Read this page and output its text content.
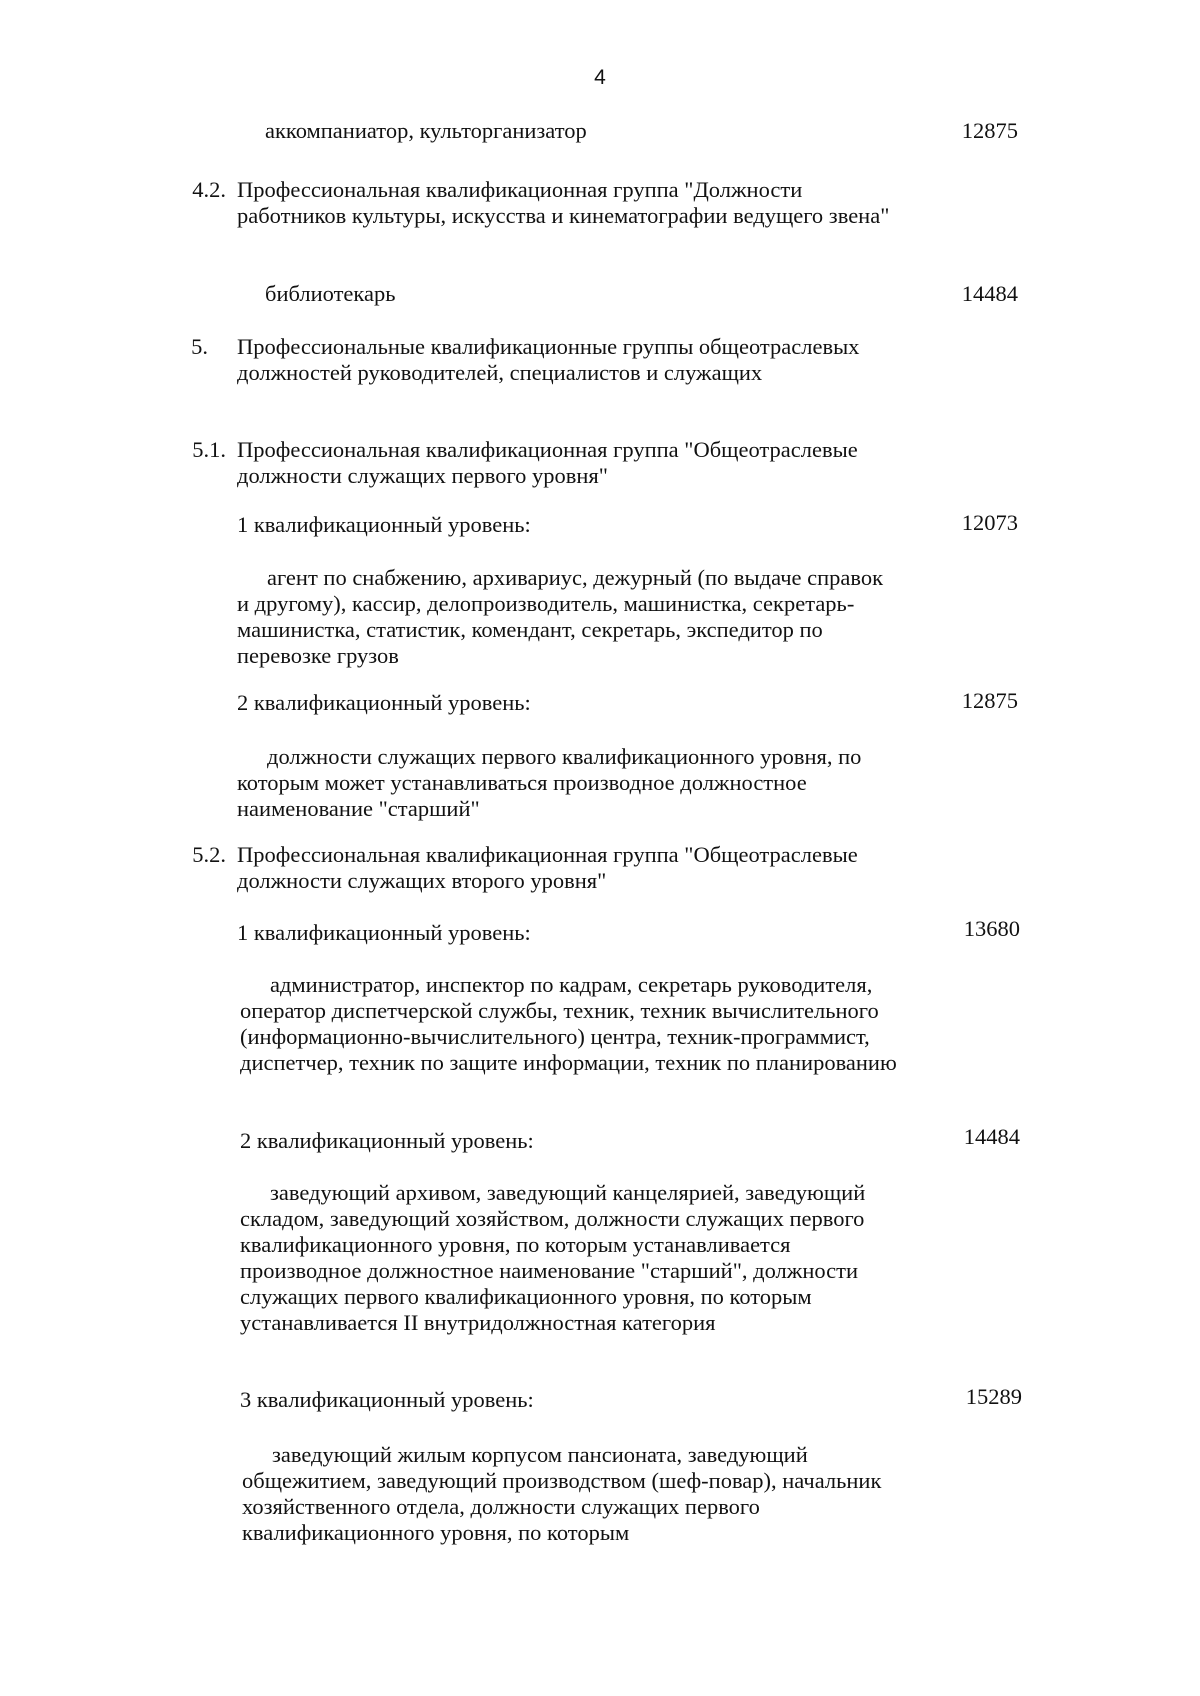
4
аккомпаниатор, культорганизатор	12875
4.2. Профессиональная квалификационная группа "Должности работников культуры, искусства и кинематографии ведущего звена"
библиотекарь	14484
5. Профессиональные квалификационные группы общеотраслевых должностей руководителей, специалистов и служащих
5.1. Профессиональная квалификационная группа "Общеотраслевые должности служащих первого уровня"
1 квалификационный уровень:	12073
агент по снабжению, архивариус, дежурный (по выдаче справок и другому), кассир, делопроизводитель, машинистка, секретарь-машинистка, статистик, комендант, секретарь, экспедитор по перевозке грузов
2 квалификационный уровень:	12875
должности служащих первого квалификационного уровня, по которым может устанавливаться производное должностное наименование "старший"
5.2. Профессиональная квалификационная группа "Общеотраслевые должности служащих второго уровня"
1 квалификационный уровень:	13680
администратор, инспектор по кадрам, секретарь руководителя, оператор диспетчерской службы, техник, техник вычислительного (информационно-вычислительного) центра, техник-программист, диспетчер, техник по защите информации, техник по планированию
2 квалификационный уровень:	14484
заведующий архивом, заведующий канцелярией, заведующий складом, заведующий хозяйством, должности служащих первого квалификационного уровня, по которым устанавливается производное должностное наименование "старший", должности служащих первого квалификационного уровня, по которым устанавливается II внутридолжностная категория
3 квалификационный уровень:	15289
заведующий жилым корпусом пансионата, заведующий общежитием, заведующий производством (шеф-повар), начальник хозяйственного отдела, должности служащих первого квалификационного уровня, по которым
